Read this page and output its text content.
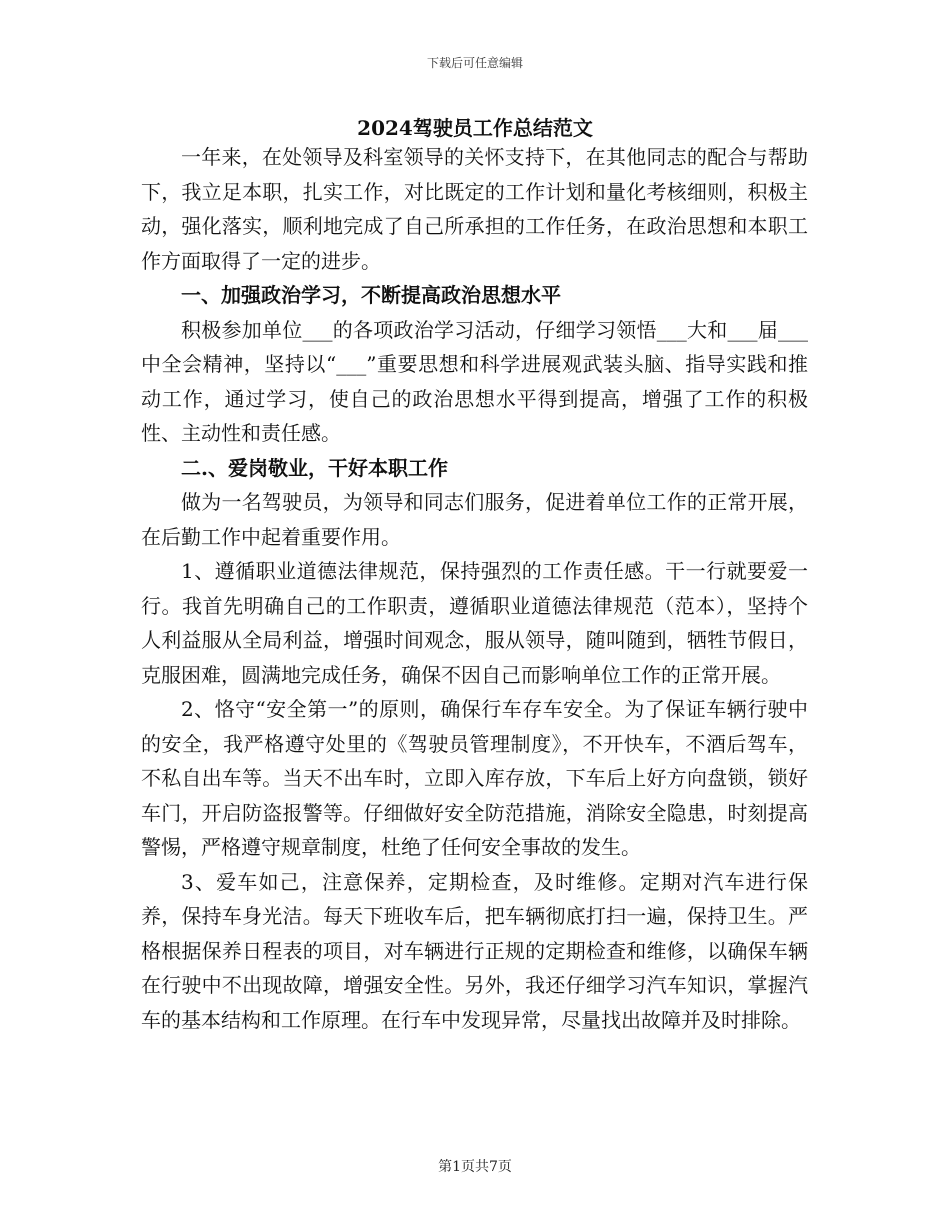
下载后可任意编辑
2024驾驶员工作总结范文

一年来，在处领导及科室领导的关怀支持下，在其他同志的配合与帮助下，我立足本职，扎实工作，对比既定的工作计划和量化考核细则，积极主动，强化落实，顺利地完成了自己所承担的工作任务，在政治思想和本职工作方面取得了一定的进步。

一、加强政治学习，不断提高政治思想水平

积极参加单位___的各项政治学习活动，仔细学习领悟___大和___届___中全会精神，坚持以“___”重要思想和科学进展观武装头脑、指导实践和推动工作，通过学习，使自己的政治思想水平得到提高，增强了工作的积极性、主动性和责任感。

二.、爱岗敬业，干好本职工作

做为一名驾驶员，为领导和同志们服务，促进着单位工作的正常开展，在后勤工作中起着重要作用。

1、遵循职业道德法律规范，保持强烈的工作责任感。干一行就要爱一行。我首先明确自己的工作职责，遵循职业道德法律规范（范本），坚持个人利益服从全局利益，增强时间观念，服从领导，随叫随到，牺牲节假日，克服困难，圆满地完成任务，确保不因自己而影响单位工作的正常开展。

2、恪守“安全第一”的原则，确保行车存车安全。为了保证车辆行驶中的安全，我严格遵守处里的《驾驶员管理制度》，不开快车，不酒后驾车，不私自出车等。当天不出车时，立即入库存放，下车后上好方向盘锁，锁好车门，开启防盗报警等。仔细做好安全防范措施，消除安全隐患，时刻提高警惕，严格遵守规章制度，杜绝了任何安全事故的发生。

3、爱车如己，注意保养，定期检查，及时维修。定期对汽车进行保养，保持车身光洁。每天下班收车后，把车辆彻底打扫一遍，保持卫生。严格根据保养日程表的项目，对车辆进行正规的定期检查和维修，以确保车辆在行驶中不出现故障，增强安全性。另外，我还仔细学习汽车知识，掌握汽车的基本结构和工作原理。在行车中发现异常，尽量找出故障并及时排除。

第1页共7页
